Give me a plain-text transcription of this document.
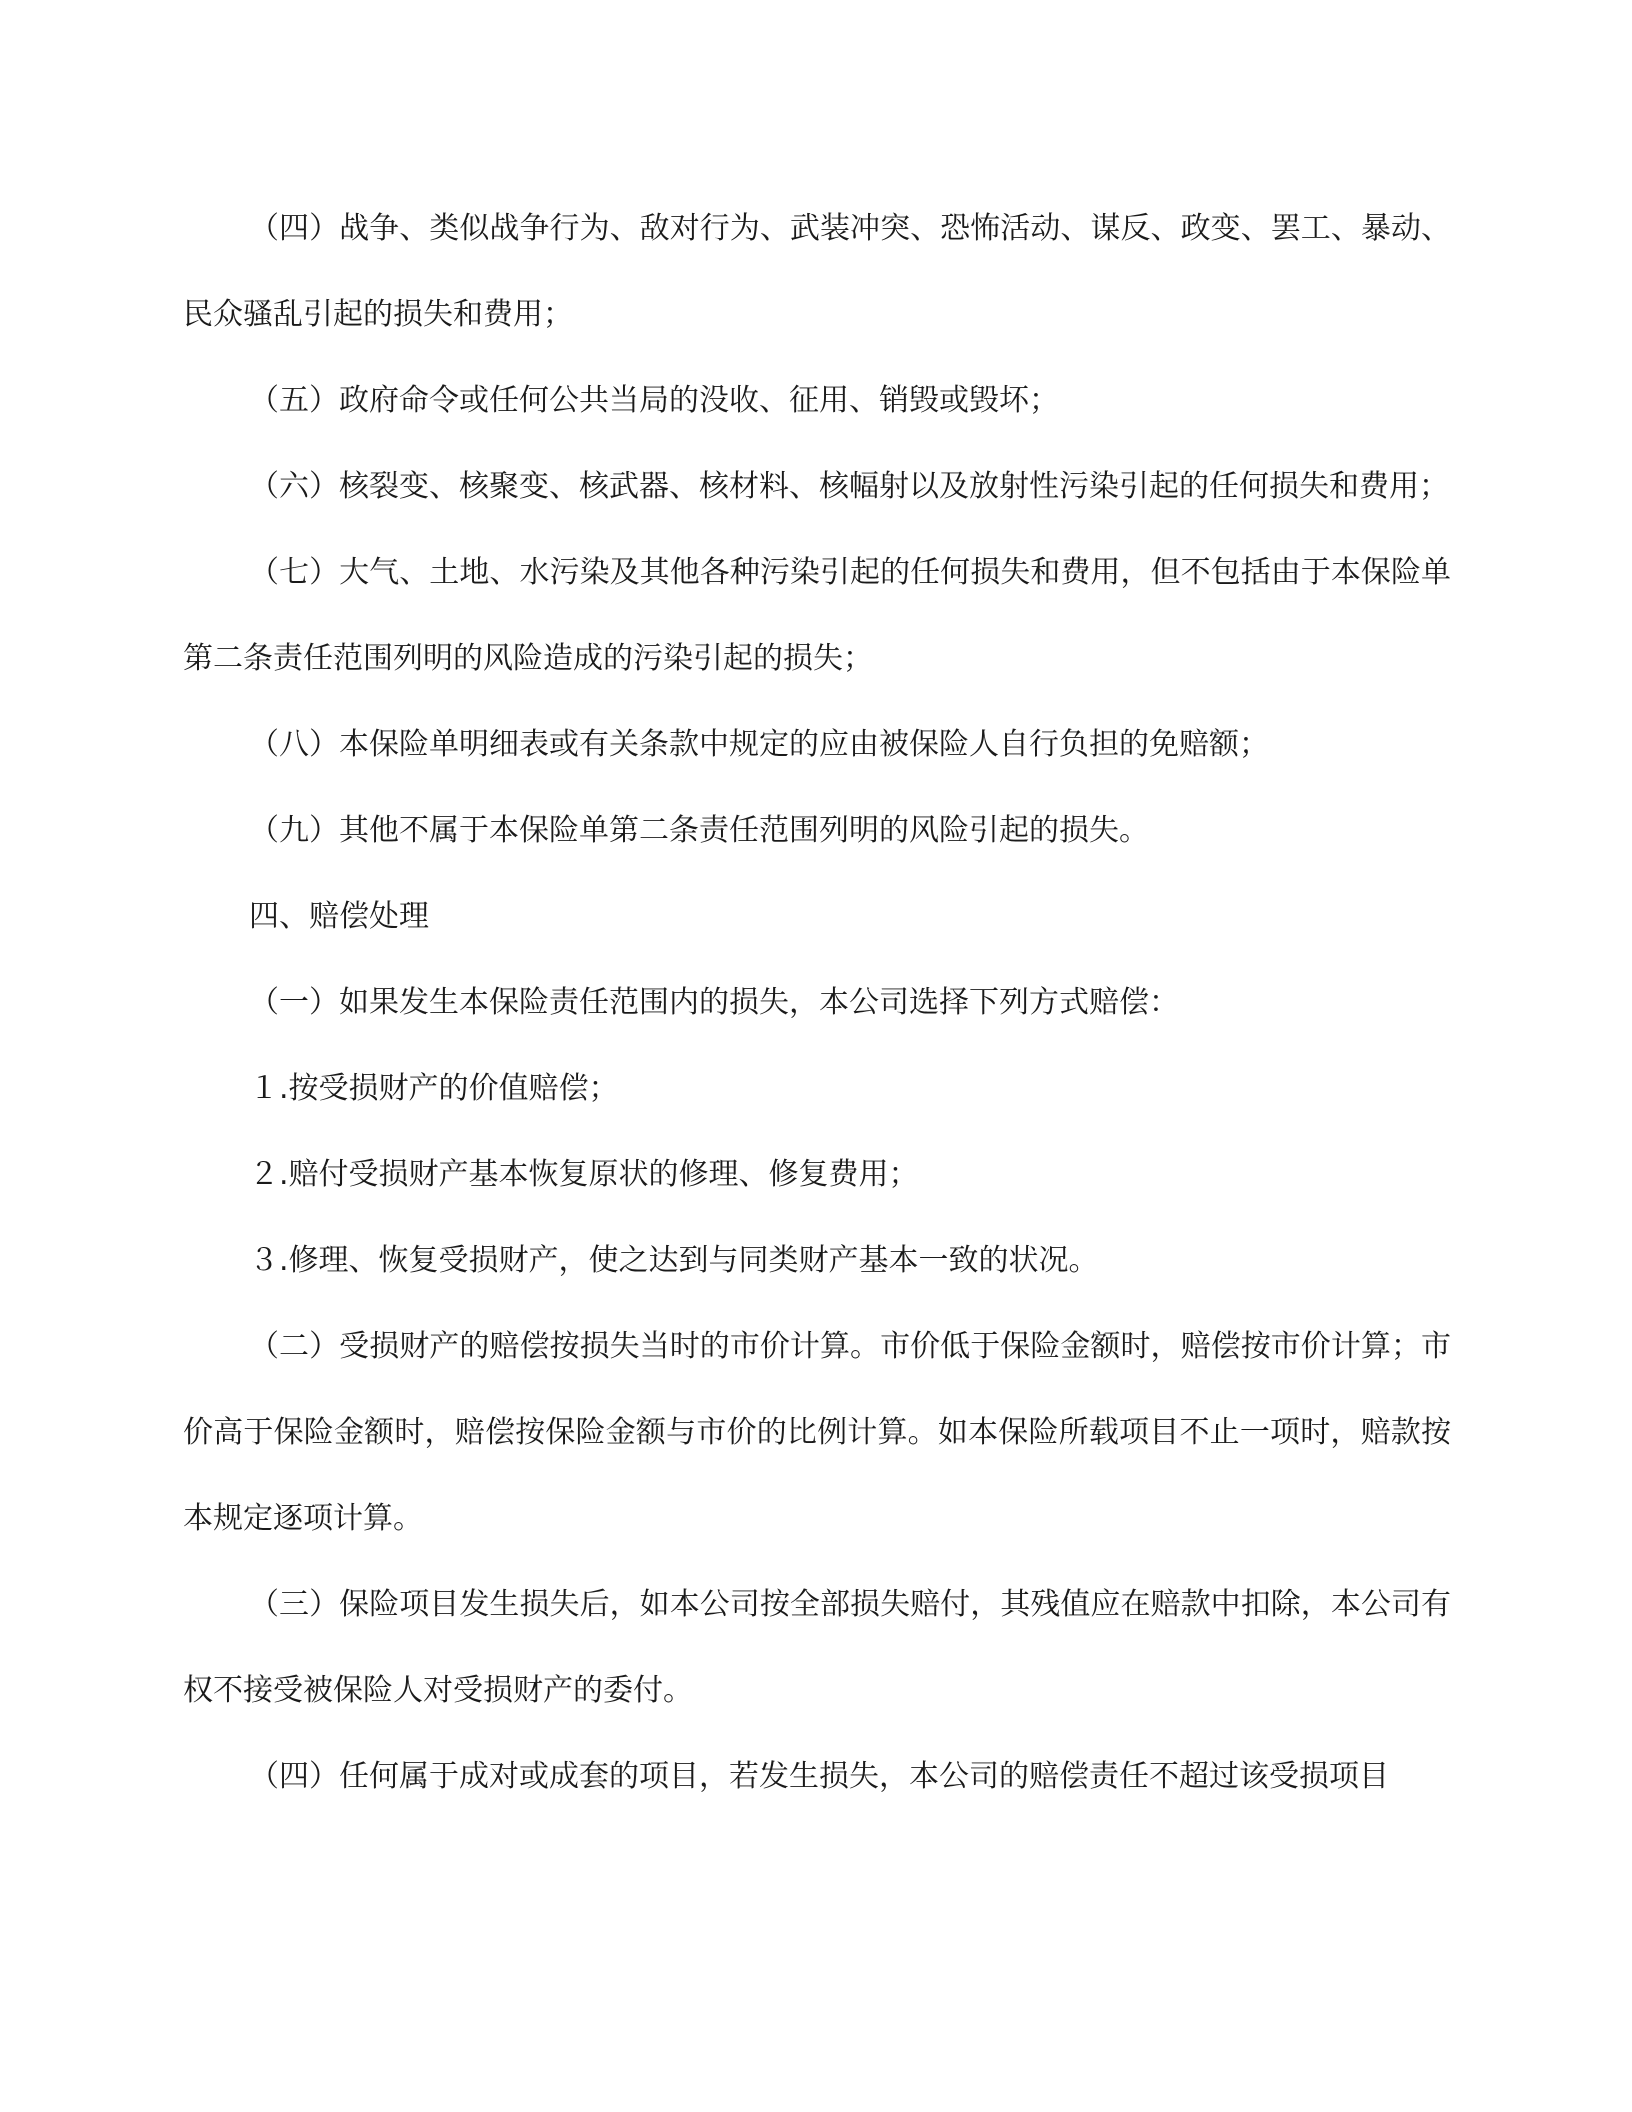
（四）战争、类似战争行为、敌对行为、武装冲突、恐怖活动、谋反、政变、罢工、暴动、民众骚乱引起的损失和费用；

（五）政府命令或任何公共当局的没收、征用、销毁或毁坏；

（六）核裂变、核聚变、核武器、核材料、核幅射以及放射性污染引起的任何损失和费用；

（七）大气、土地、水污染及其他各种污染引起的任何损失和费用，但不包括由于本保险单第二条责任范围列明的风险造成的污染引起的损失；

（八）本保险单明细表或有关条款中规定的应由被保险人自行负担的免赔额；

（九）其他不属于本保险单第二条责任范围列明的风险引起的损失。

四、赔偿处理

（一）如果发生本保险责任范围内的损失，本公司选择下列方式赔偿：

１.按受损财产的价值赔偿；

２.赔付受损财产基本恢复原状的修理、修复费用；

３.修理、恢复受损财产，使之达到与同类财产基本一致的状况。

（二）受损财产的赔偿按损失当时的市价计算。市价低于保险金额时，赔偿按市价计算；市价高于保险金额时，赔偿按保险金额与市价的比例计算。如本保险所载项目不止一项时，赔款按本规定逐项计算。

（三）保险项目发生损失后，如本公司按全部损失赔付，其残值应在赔款中扣除，本公司有权不接受被保险人对受损财产的委付。

（四）任何属于成对或成套的项目，若发生损失，本公司的赔偿责任不超过该受损项目
